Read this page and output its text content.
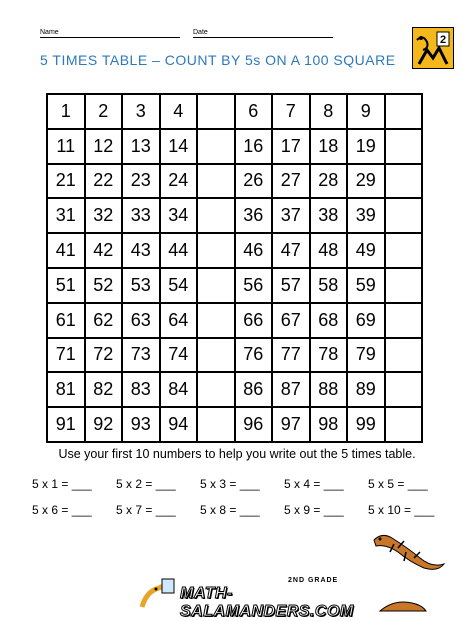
Name	Date
5 TIMES TABLE – COUNT BY 5s ON A 100 SQUARE
2
1	2	3	4	6	7	8	9
11	12 13 14	16 17 18 19
21 22 23 24	26 27 28 29
31 32 33 34	36 37 38 39
41 42 43 44	46 47 48 49
51 52 53 54	56 57 58 59
61 62 63 64	66 67 68 69
71 72 73 74	76 77 78 79
81 82 83 84	86 87 88 89
91 92 93 94	96 97 98 99

Use your first 10 numbers to help you write out the 5 times table.

5 x 1 = ___ 5 x 2 = ___ 5 x 3 = ___ 5 x 4 = ___ 5 x 5 = ___
5 x 6 = ___ 5 x 7 = ___ 5 x 8 = ___ 5 x 9 = ___ 5 x 10 = ___
2ND GRADE
MATH-SALAMANDERS.COM
